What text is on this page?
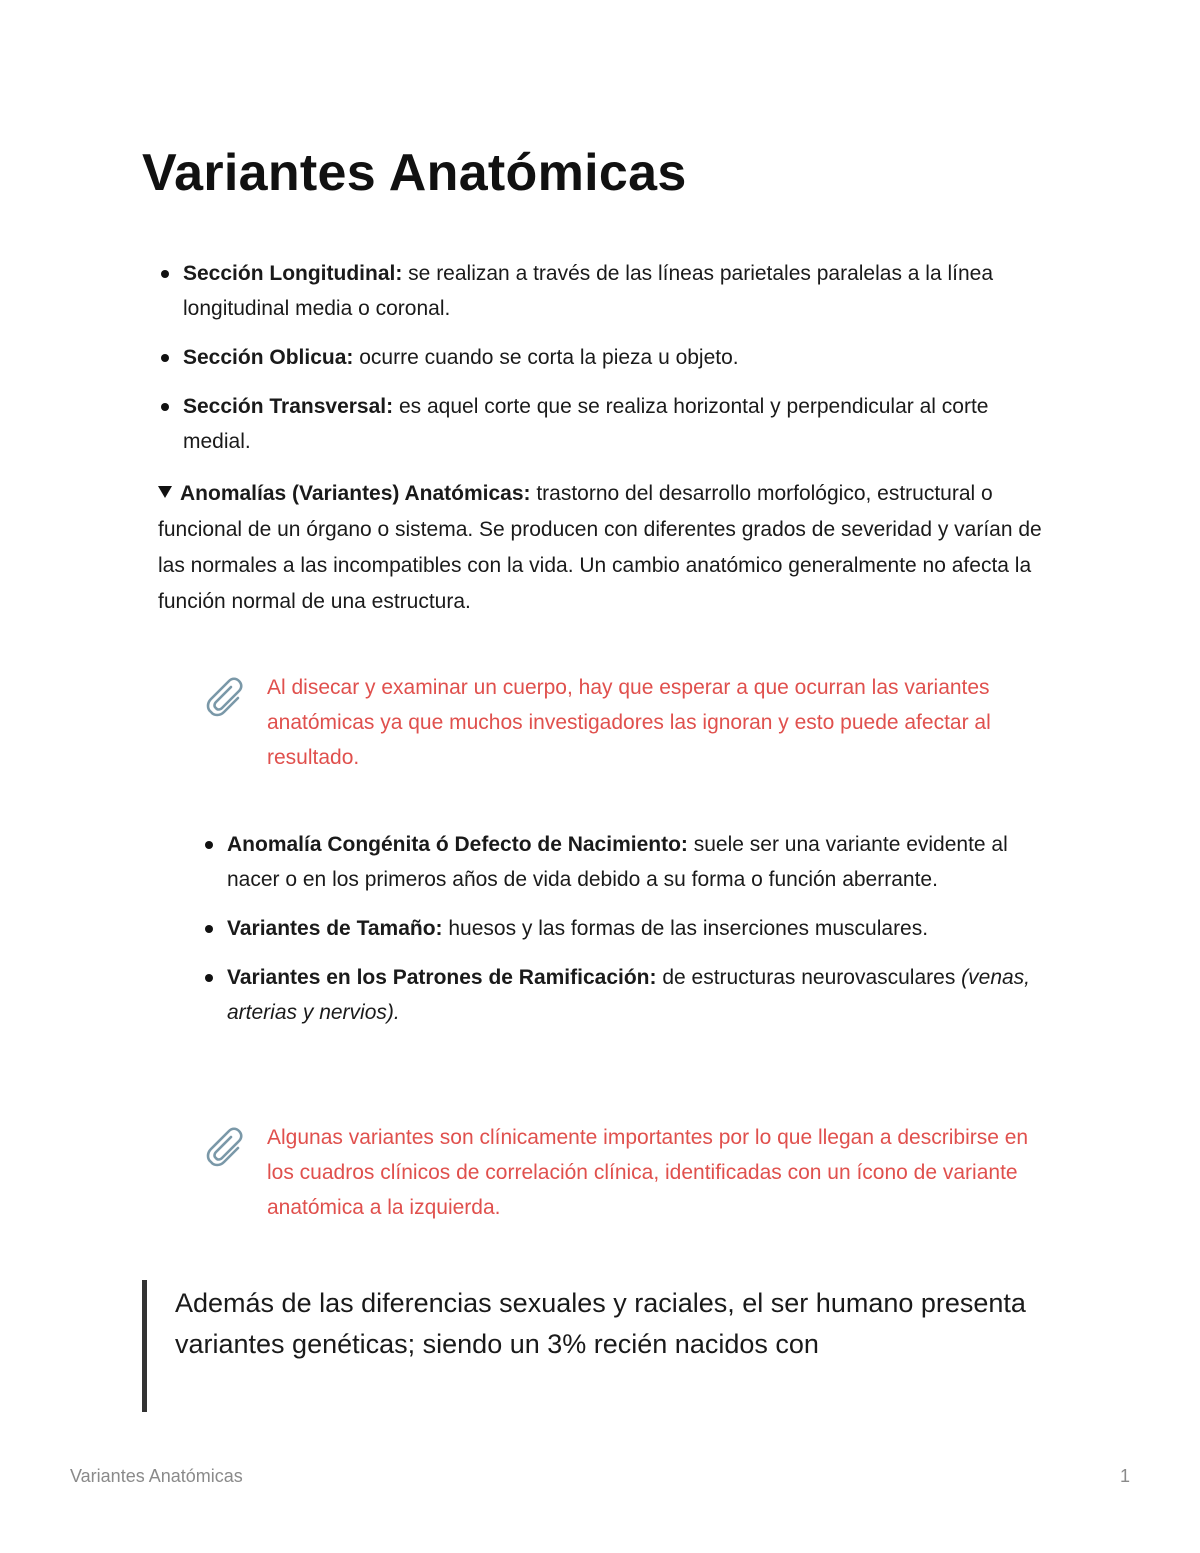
Variantes Anatómicas
Sección Longitudinal: se realizan a través de las líneas parietales paralelas a la línea longitudinal media o coronal.
Sección Oblicua: ocurre cuando se corta la pieza u objeto.
Sección Transversal: es aquel corte que se realiza horizontal y perpendicular al corte medial.

Anomalías (Variantes) Anatómicas: trastorno del desarrollo morfológico, estructural o funcional de un órgano o sistema. Se producen con diferentes grados de severidad y varían de las normales a las incompatibles con la vida. Un cambio anatómico generalmente no afecta la función normal de una estructura.

Al disecar y examinar un cuerpo, hay que esperar a que ocurran las variantes anatómicas ya que muchos investigadores las ignoran y esto puede afectar al resultado.

Anomalía Congénita ó Defecto de Nacimiento: suele ser una variante evidente al nacer o en los primeros años de vida debido a su forma o función aberrante.
Variantes de Tamaño: huesos y las formas de las inserciones musculares.
Variantes en los Patrones de Ramificación: de estructuras neurovasculares (venas, arterias y nervios).

Algunas variantes son clínicamente importantes por lo que llegan a describirse en los cuadros clínicos de correlación clínica, identificadas con un ícono de variante anatómica a la izquierda.

Además de las diferencias sexuales y raciales, el ser humano presenta variantes genéticas; siendo un 3% recién nacidos con

Variantes Anatómicas	1
